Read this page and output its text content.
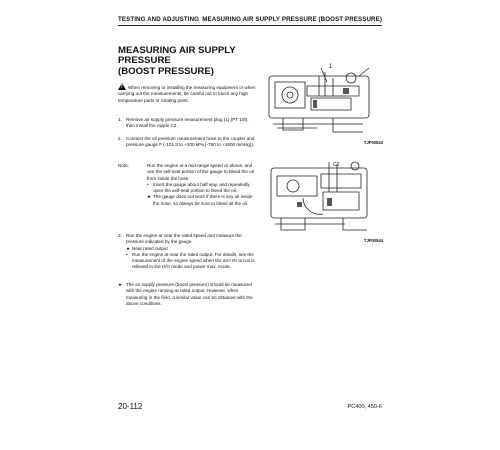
TESTING AND ADJUSTING MEASURING AIR SUPPLY PRESSURE (BOOST PRESSURE)
MEASURING AIR SUPPLY
PRESSURE
(BOOST PRESSURE)
! When removing or installing the measuring equipment or when carrying out the measurements, be careful not to touch any high temperature parts or rotating parts.
1. Remove air supply pressure measurement plug (1) (PT 1/8), then install the nipple C2.
2. Connect the oil pressure measurement hose to the coupler and pressure gauge F (-101.3 to +200 kPa {-760 to +1500 mmHg}).
Note:	Run the engine at a mid-range speed or above, and use the self-seal portion of the gauge to bleed the oil from inside the hose.
• Insert the gauge about half way, and repeatedly open the self-seal portion to bleed the oil.
★ The gauge does not work if there is any oil inside the hose, so always be sure to bleed all the oil.
3. Run the engine at near the rated speed and measure the pressure indicated by the gauge.
★ Near rated output
• Run the engine at near the rated output. For details, see the measurement of the engine speed when the arm IN circuit is relieved in the H/O mode and power max. mode.
★ The air supply pressure (boost pressure) should be measured with the engine running at rated output. However, when measuring in the field, a similar value can be obtained with the above conditions.
1
TJF00543
C2
TJF00544
20-112	PC400, 450-6
